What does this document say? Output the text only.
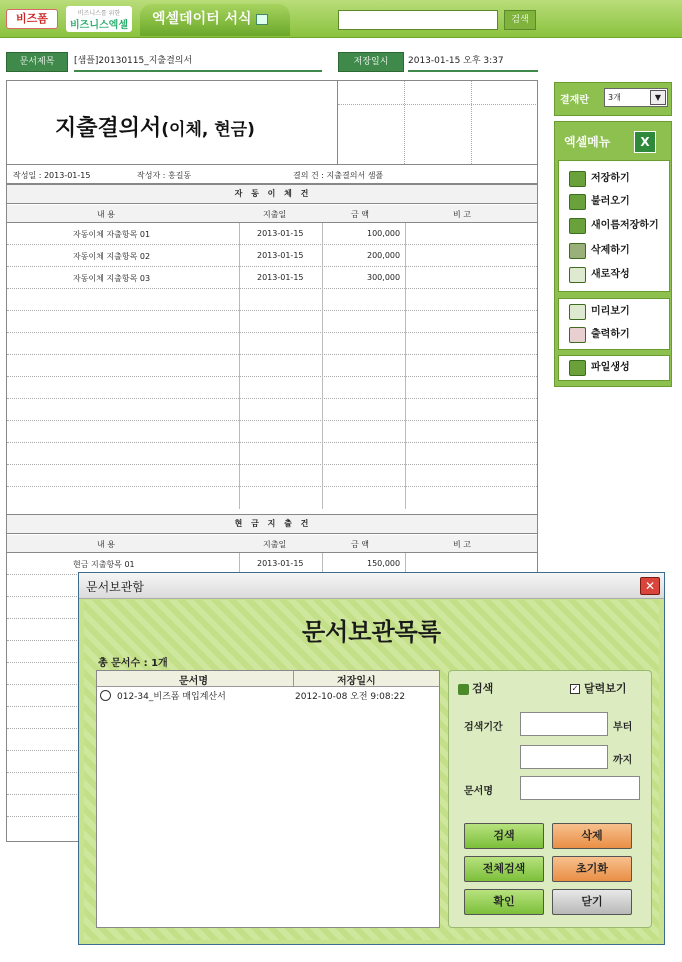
비즈폼	비즈니스를 위한
비즈니스엑셀	엑셀데이터 서식	검색
문서제목	[샘플]20130115_지출결의서	저장일시	2013-01-15 오후 3:37
지출결의서(이체, 현금)
작성일 : 2013-01-15	작성자 : 홍길동	결의 건 : 지출결의서 샘플
자 동 이 체 건
내 용	지출일	금 액	비 고
자동이체 자출항목 01	2013-01-15	100,000
자동이체 지출항목 02	2013-01-15	200,000
자동이체 지출항목 03	2013-01-15	300,000
현 금 지 출 건
내 용	지출일	금 액	비 고
현금 지출항목 01	2013-01-15	150,000
결재란	3개	▼
엑셀메뉴	X
저장하기
불러오기
새이름저장하기
삭제하기
새로작성
미리보기
출력하기
파일생성
문서보관함	✕
문서보관목록
총 문서수 : 1개
문서명	저장일시
012-34_비즈폼 매입계산서	2012-10-08 오전 9:08:22
검색	✓ 달력보기
검색기간	부터
까지
문서명
검색	삭제
전체검색	초기화
확인	닫기
